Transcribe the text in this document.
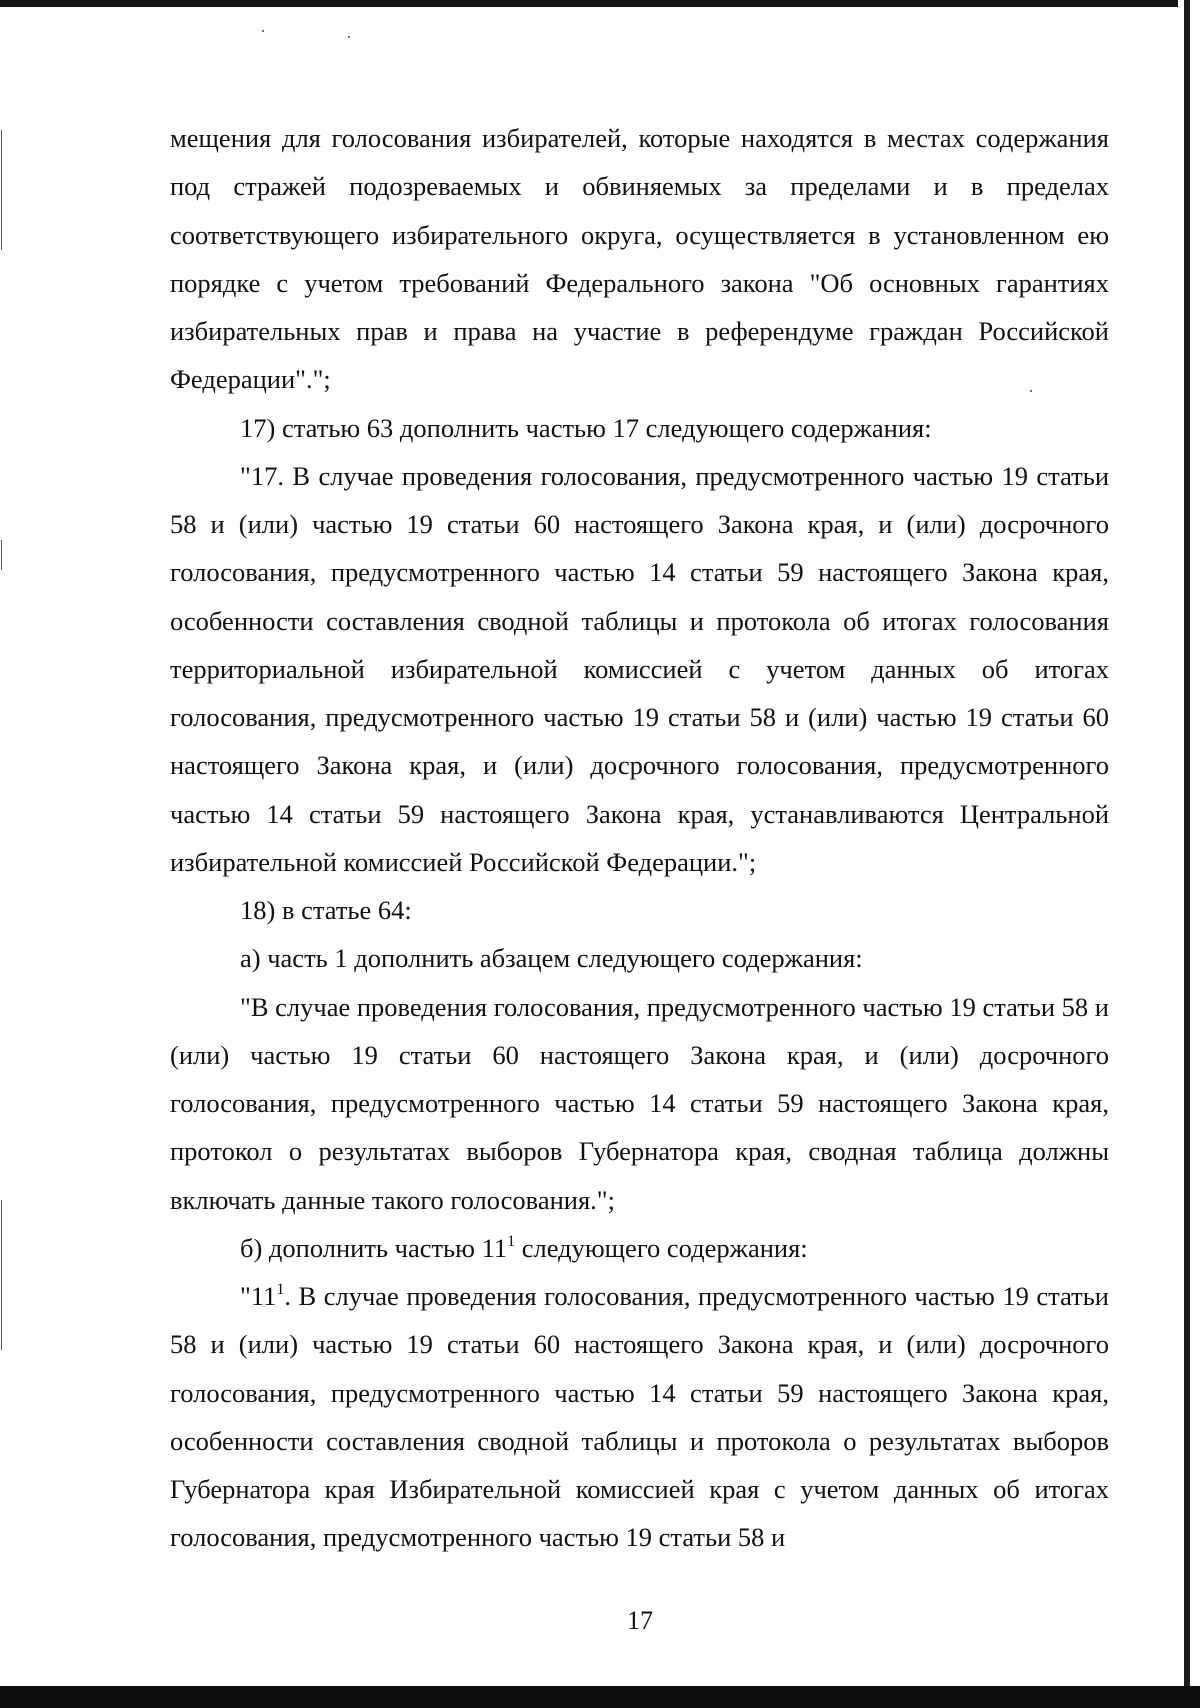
мещения для голосования избирателей, которые находятся в местах содержания под стражей подозреваемых и обвиняемых за пределами и в пределах соответствующего избирательного округа, осуществляется в установленном ею порядке с учетом требований Федерального закона "Об основных гарантиях избирательных прав и права на участие в референдуме граждан Российской Федерации".";

17) статью 63 дополнить частью 17 следующего содержания:

"17. В случае проведения голосования, предусмотренного частью 19 статьи 58 и (или) частью 19 статьи 60 настоящего Закона края, и (или) досрочного голосования, предусмотренного частью 14 статьи 59 настоящего Закона края, особенности составления сводной таблицы и протокола об итогах голосования территориальной избирательной комиссией с учетом данных об итогах голосования, предусмотренного частью 19 статьи 58 и (или) частью 19 статьи 60 настоящего Закона края, и (или) досрочного голосования, предусмотренного частью 14 статьи 59 настоящего Закона края, устанавливаются Центральной избирательной комиссией Российской Федерации.";

18) в статье 64:

а) часть 1 дополнить абзацем следующего содержания:

"В случае проведения голосования, предусмотренного частью 19 статьи 58 и (или) частью 19 статьи 60 настоящего Закона края, и (или) досрочного голосования, предусмотренного частью 14 статьи 59 настоящего Закона края, протокол о результатах выборов Губернатора края, сводная таблица должны включать данные такого голосования.";

б) дополнить частью $11^1$ следующего содержания:

"$11^1$. В случае проведения голосования, предусмотренного частью 19 статьи 58 и (или) частью 19 статьи 60 настоящего Закона края, и (или) досрочного голосования, предусмотренного частью 14 статьи 59 настоящего Закона края, особенности составления сводной таблицы и протокола о результатах выборов Губернатора края Избирательной комиссией края с учетом данных об итогах голосования, предусмотренного частью 19 статьи 58 и

17
